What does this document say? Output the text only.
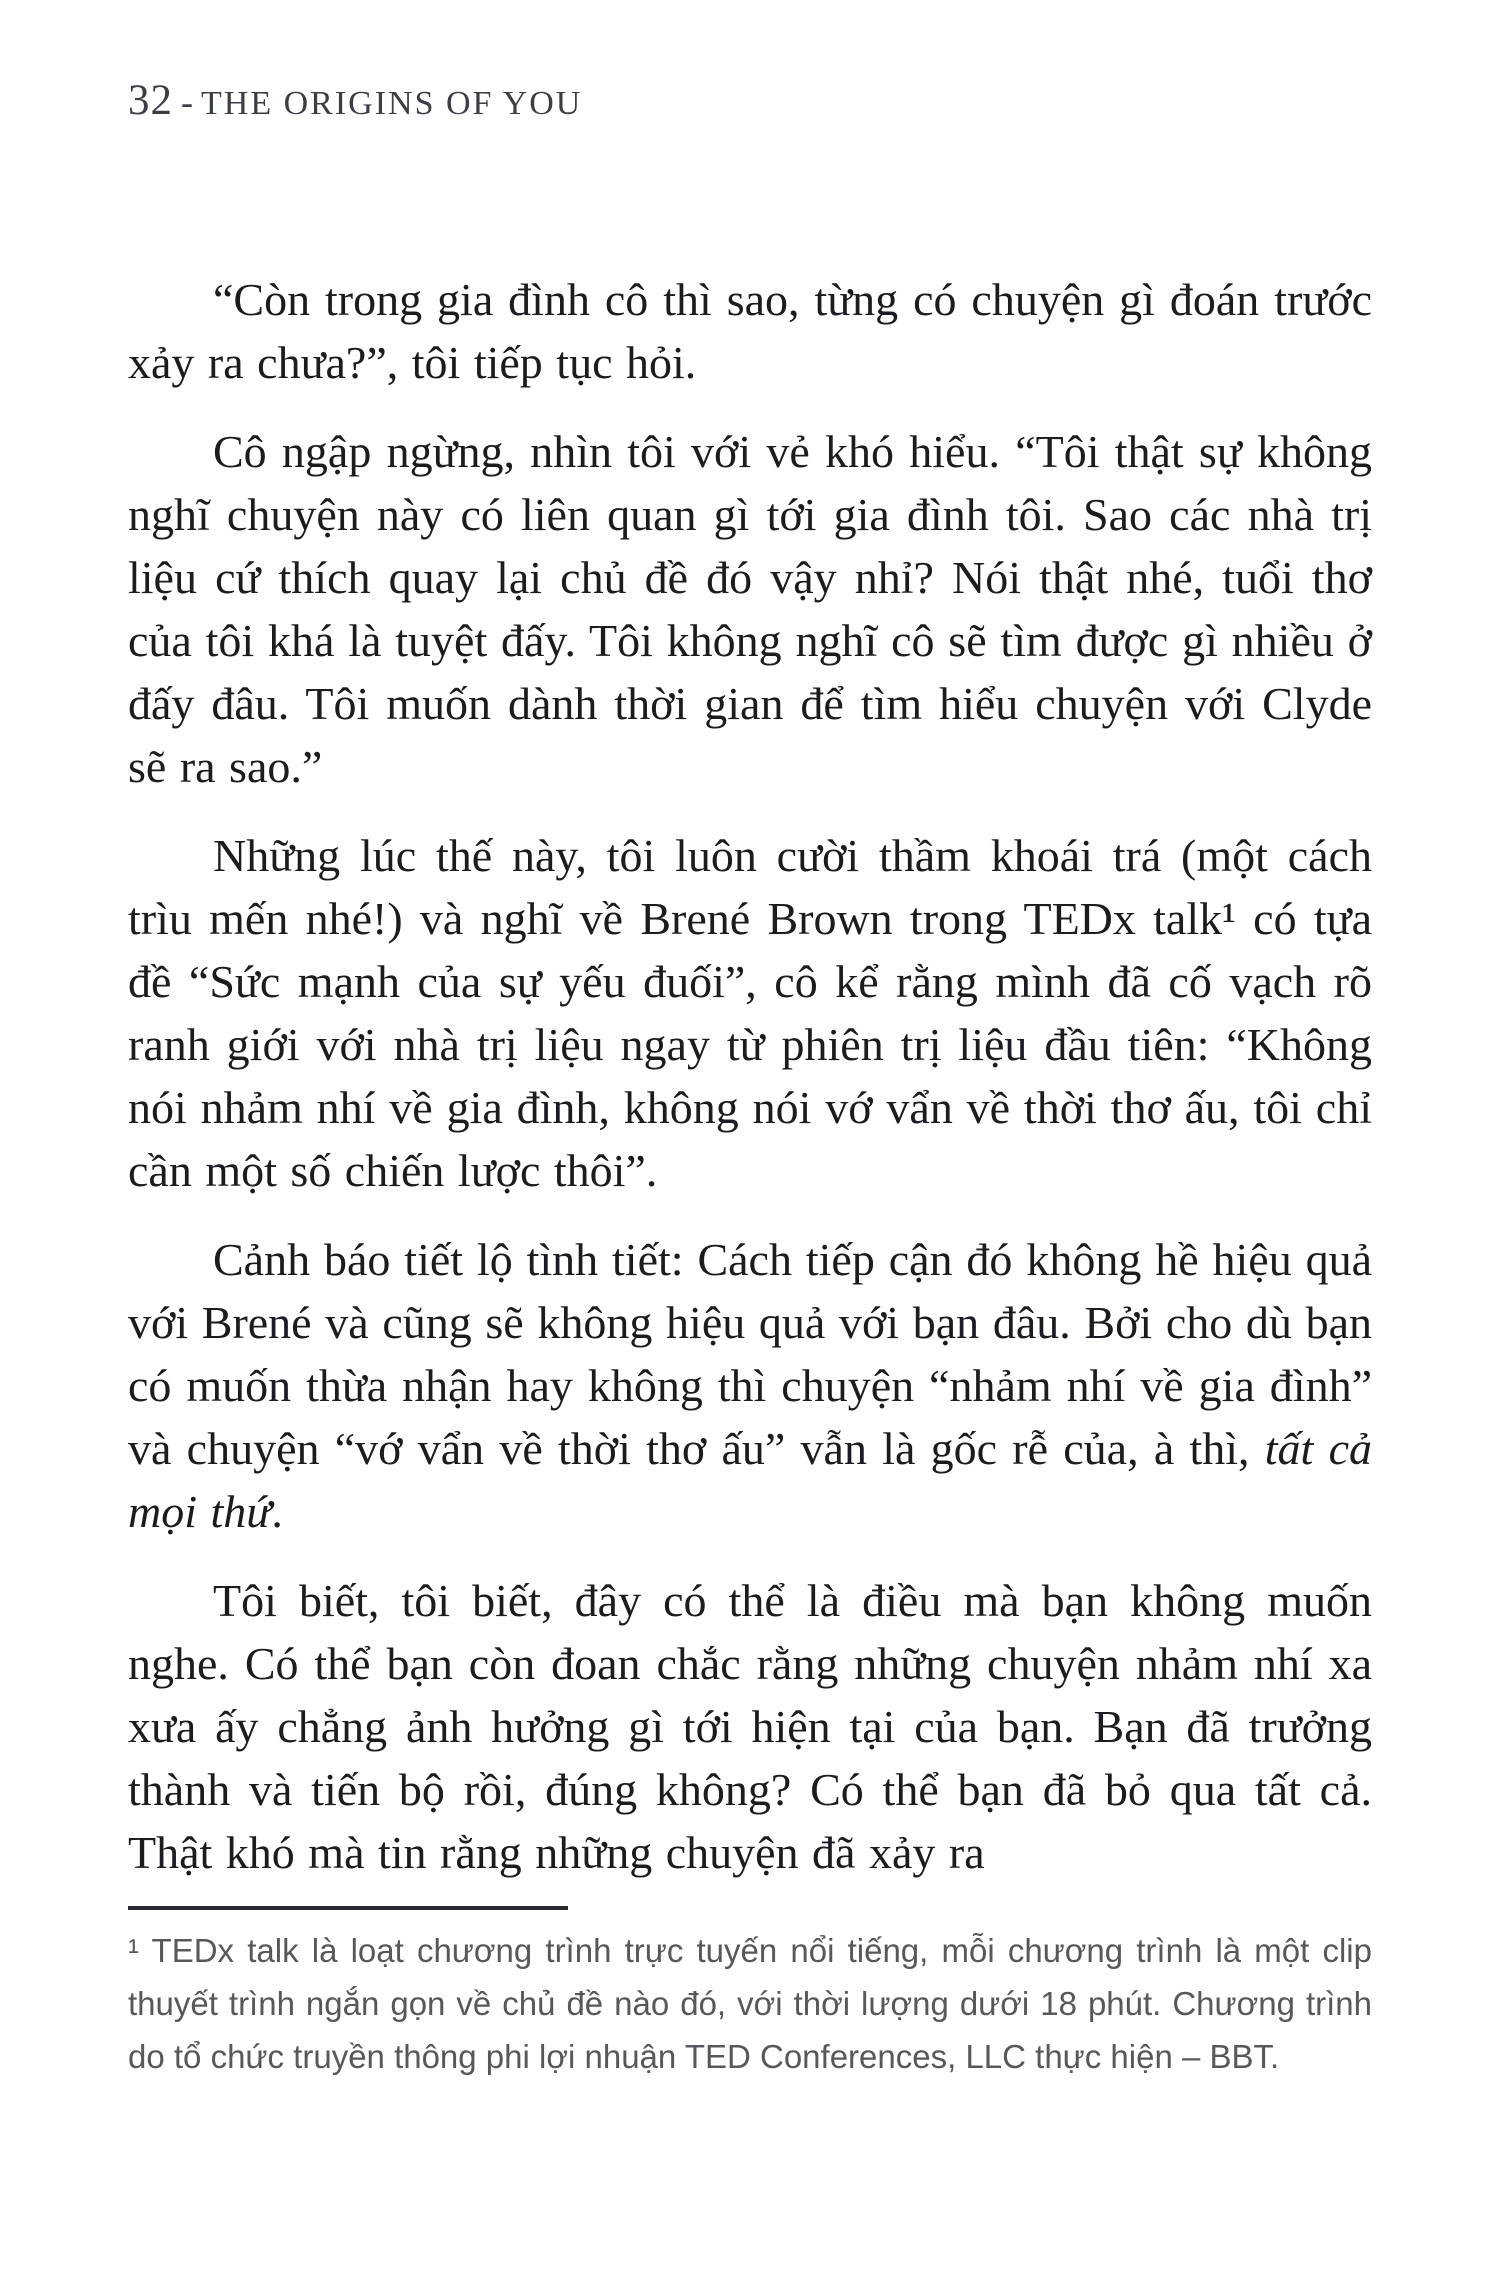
32 - THE ORIGINS OF YOU

“Còn trong gia đình cô thì sao, từng có chuyện gì đoán trước xảy ra chưa?”, tôi tiếp tục hỏi.

Cô ngập ngừng, nhìn tôi với vẻ khó hiểu. “Tôi thật sự không nghĩ chuyện này có liên quan gì tới gia đình tôi. Sao các nhà trị liệu cứ thích quay lại chủ đề đó vậy nhỉ? Nói thật nhé, tuổi thơ của tôi khá là tuyệt đấy. Tôi không nghĩ cô sẽ tìm được gì nhiều ở đấy đâu. Tôi muốn dành thời gian để tìm hiểu chuyện với Clyde sẽ ra sao.”

Những lúc thế này, tôi luôn cười thầm khoái trá (một cách trìu mến nhé!) và nghĩ về Brené Brown trong TEDx talk¹ có tựa đề “Sức mạnh của sự yếu đuối”, cô kể rằng mình đã cố vạch rõ ranh giới với nhà trị liệu ngay từ phiên trị liệu đầu tiên: “Không nói nhảm nhí về gia đình, không nói vớ vẩn về thời thơ ấu, tôi chỉ cần một số chiến lược thôi”.

Cảnh báo tiết lộ tình tiết: Cách tiếp cận đó không hề hiệu quả với Brené và cũng sẽ không hiệu quả với bạn đâu. Bởi cho dù bạn có muốn thừa nhận hay không thì chuyện “nhảm nhí về gia đình” và chuyện “vớ vẩn về thời thơ ấu” vẫn là gốc rễ của, à thì, tất cả mọi thứ.

Tôi biết, tôi biết, đây có thể là điều mà bạn không muốn nghe. Có thể bạn còn đoan chắc rằng những chuyện nhảm nhí xa xưa ấy chẳng ảnh hưởng gì tới hiện tại của bạn. Bạn đã trưởng thành và tiến bộ rồi, đúng không? Có thể bạn đã bỏ qua tất cả. Thật khó mà tin rằng những chuyện đã xảy ra

¹ TEDx talk là loạt chương trình trực tuyến nổi tiếng, mỗi chương trình là một clip thuyết trình ngắn gọn về chủ đề nào đó, với thời lượng dưới 18 phút. Chương trình do tổ chức truyền thông phi lợi nhuận TED Conferences, LLC thực hiện – BBT.
